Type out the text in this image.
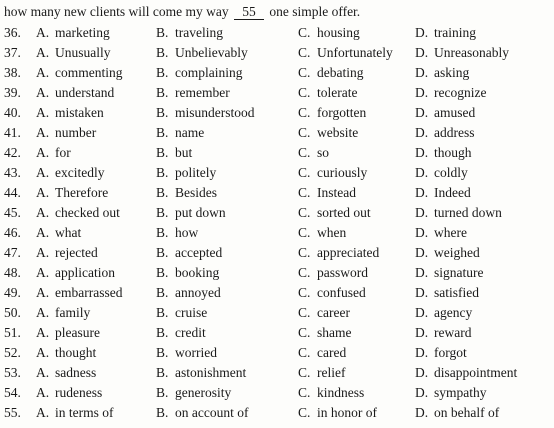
how many new clients will come my way 55 one simple offer.
36. A. marketing	B. traveling	C. housing	D. training
37. A. Unusually	B. Unbelievably	C. Unfortunately D. Unreasonably
38. A. commenting B. complaining	C. debating	D. asking
39. A. understand	B. remember	C. tolerate	D. recognize
40. A. mistaken	B. misunderstood	C. forgotten	D. amused
41. A. number	B. name	C. website	D. address
42. A. for	B. but	C. so	D. though
43. A. excitedly	B. politely	C. curiously	D. coldly
44. A. Therefore	B. Besides	C. Instead	D. Indeed
45. A. checked out	B. put down	C. sorted out	D. turned down
46. A. what	B. how	C. when	D. where
47. A. rejected	B. accepted	C. appreciated	D. weighed
48. A. application	B. booking	C. password	D. signature
49. A. embarrassed B. annoyed	C. confused	D. satisfied
50. A. family	B. cruise	C. career	D. agency
51. A. pleasure	B. credit	C. shame	D. reward
52. A. thought	B. worried	C. cared	D. forgot
53. A. sadness	B. astonishment	C. relief	D. disappointment
54. A. rudeness	B. generosity	C. kindness	D. sympathy
55. A. in terms of	B. on account of	C. in honor of	D. on behalf of
